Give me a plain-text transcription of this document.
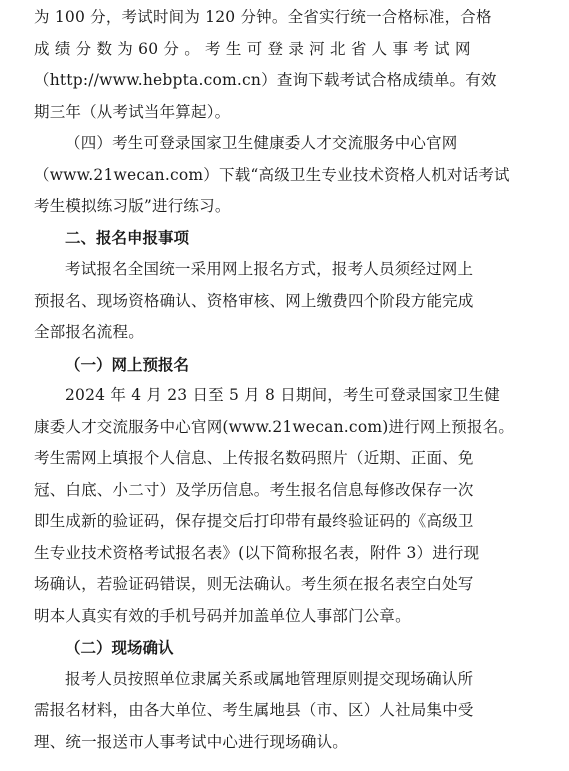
为 100 分，考试时间为 120 分钟。全省实行统一合格标准，合格
成 绩 分 数 为 60 分 。 考 生 可 登 录 河 北 省 人 事 考 试 网
（http://www.hebpta.com.cn）查询下载考试合格成绩单。有效
期三年（从考试当年算起）。
（四）考生可登录国家卫生健康委人才交流服务中心官网
（www.21wecan.com）下载“高级卫生专业技术资格人机对话考试
考生模拟练习版”进行练习。
二、报名申报事项
考试报名全国统一采用网上报名方式，报考人员须经过网上
预报名、现场资格确认、资格审核、网上缴费四个阶段方能完成
全部报名流程。
（一）网上预报名
2024 年 4 月 23 日至 5 月 8 日期间，考生可登录国家卫生健
康委人才交流服务中心官网(www.21wecan.com)进行网上预报名。
考生需网上填报个人信息、上传报名数码照片（近期、正面、免
冠、白底、小二寸）及学历信息。考生报名信息每修改保存一次
即生成新的验证码，保存提交后打印带有最终验证码的《高级卫
生专业技术资格考试报名表》(以下简称报名表，附件 3）进行现
场确认，若验证码错误，则无法确认。考生须在报名表空白处写
明本人真实有效的手机号码并加盖单位人事部门公章。
（二）现场确认
报考人员按照单位隶属关系或属地管理原则提交现场确认所
需报名材料，由各大单位、考生属地县（市、区）人社局集中受
理、统一报送市人事考试中心进行现场确认。
